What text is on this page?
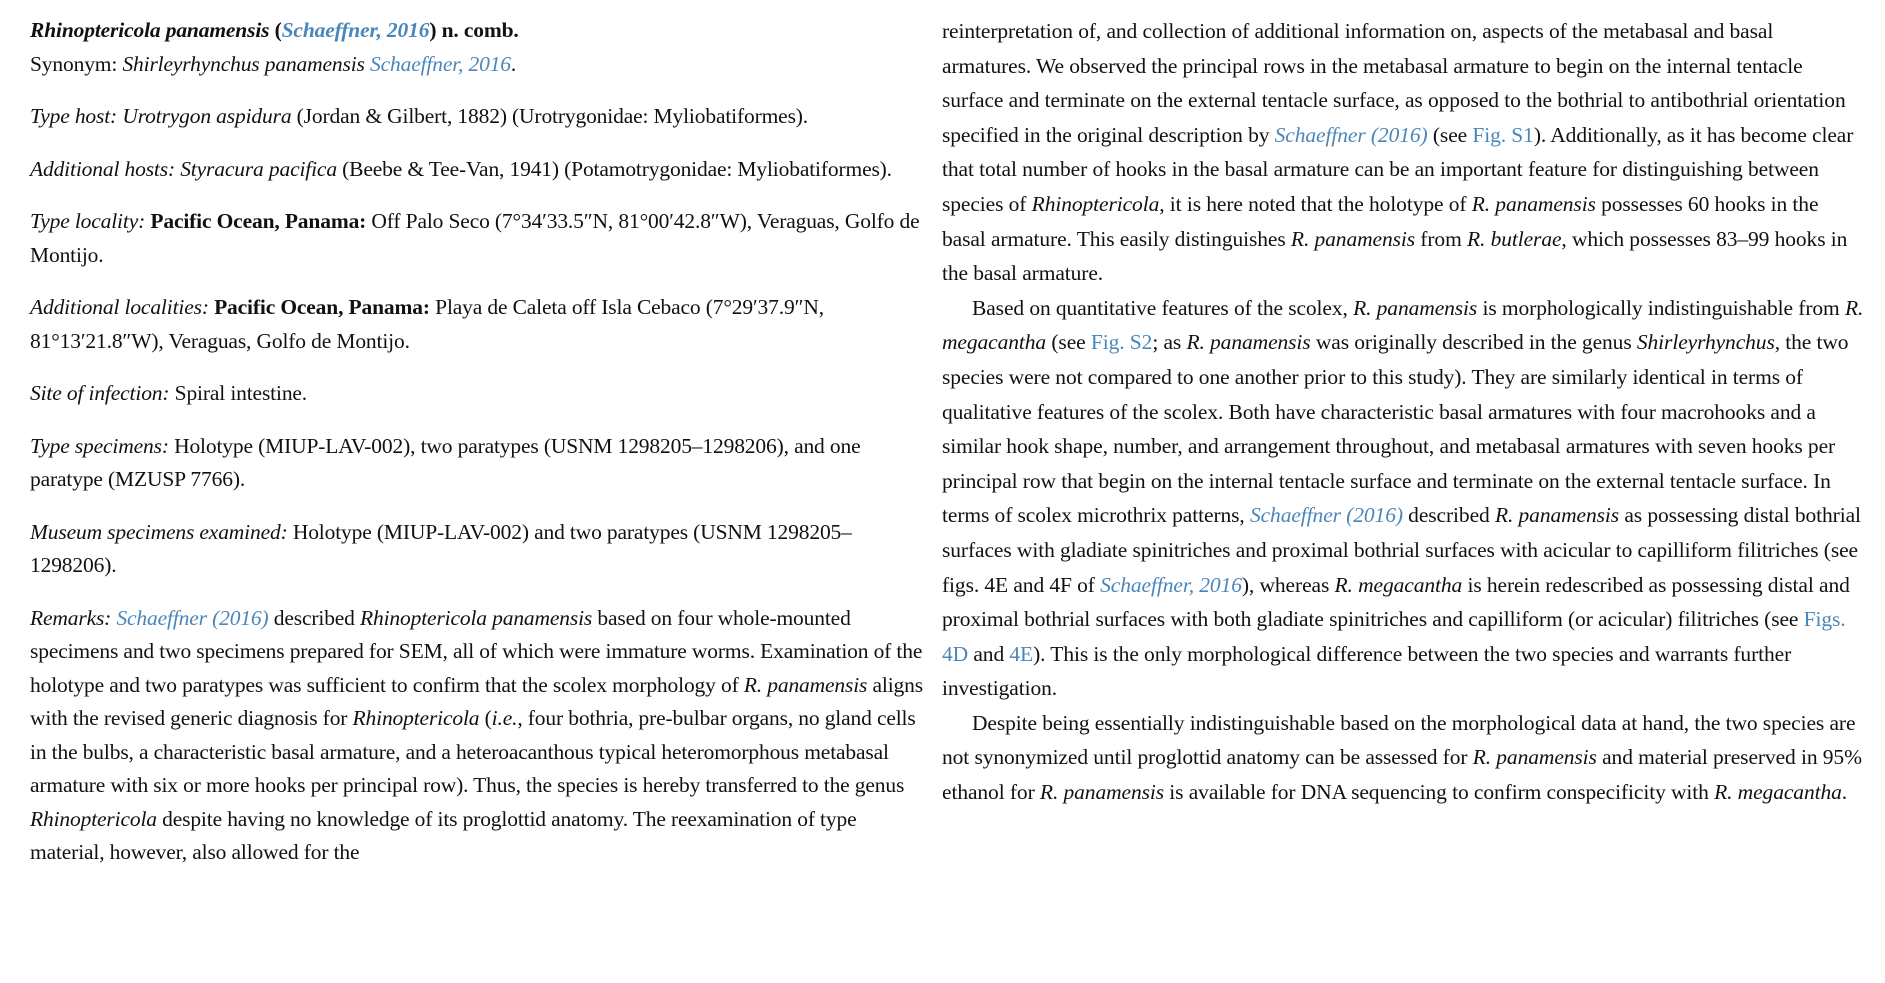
Rhinoptericola panamensis (Schaeffner, 2016) n. comb.

Synonym: Shirleyrhynchus panamensis Schaeffner, 2016.

Type host: Urotrygon aspidura (Jordan & Gilbert, 1882) (Urotrygonidae: Myliobatiformes).

Additional hosts: Styracura pacifica (Beebe & Tee-Van, 1941) (Potamotrygonidae: Myliobatiformes).

Type locality: Pacific Ocean, Panama: Off Palo Seco (7°34′33.5″N, 81°00′42.8″W), Veraguas, Golfo de Montijo.

Additional localities: Pacific Ocean, Panama: Playa de Caleta off Isla Cebaco (7°29′37.9″N, 81°13′21.8″W), Veraguas, Golfo de Montijo.

Site of infection: Spiral intestine.

Type specimens: Holotype (MIUP-LAV-002), two paratypes (USNM 1298205–1298206), and one paratype (MZUSP 7766).

Museum specimens examined: Holotype (MIUP-LAV-002) and two paratypes (USNM 1298205–1298206).

Remarks: Schaeffner (2016) described Rhinoptericola panamensis based on four whole-mounted specimens and two specimens prepared for SEM, all of which were immature worms. Examination of the holotype and two paratypes was sufficient to confirm that the scolex morphology of R. panamensis aligns with the revised generic diagnosis for Rhinoptericola (i.e., four bothria, pre-bulbar organs, no gland cells in the bulbs, a characteristic basal armature, and a heteroacanthous typical heteromorphous metabasal armature with six or more hooks per principal row). Thus, the species is hereby transferred to the genus Rhinoptericola despite having no knowledge of its proglottid anatomy. The reexamination of type material, however, also allowed for the

reinterpretation of, and collection of additional information on, aspects of the metabasal and basal armatures. We observed the principal rows in the metabasal armature to begin on the internal tentacle surface and terminate on the external tentacle surface, as opposed to the bothrial to antibothrial orientation specified in the original description by Schaeffner (2016) (see Fig. S1). Additionally, as it has become clear that total number of hooks in the basal armature can be an important feature for distinguishing between species of Rhinoptericola, it is here noted that the holotype of R. panamensis possesses 60 hooks in the basal armature. This easily distinguishes R. panamensis from R. butlerae, which possesses 83–99 hooks in the basal armature.

Based on quantitative features of the scolex, R. panamensis is morphologically indistinguishable from R. megacantha (see Fig. S2; as R. panamensis was originally described in the genus Shirleyrhynchus, the two species were not compared to one another prior to this study). They are similarly identical in terms of qualitative features of the scolex. Both have characteristic basal armatures with four macrohooks and a similar hook shape, number, and arrangement throughout, and metabasal armatures with seven hooks per principal row that begin on the internal tentacle surface and terminate on the external tentacle surface. In terms of scolex microthrix patterns, Schaeffner (2016) described R. panamensis as possessing distal bothrial surfaces with gladiate spinitriches and proximal bothrial surfaces with acicular to capilliform filitriches (see figs. 4E and 4F of Schaeffner, 2016), whereas R. megacantha is herein redescribed as possessing distal and proximal bothrial surfaces with both gladiate spinitriches and capilliform (or acicular) filitriches (see Figs. 4D and 4E). This is the only morphological difference between the two species and warrants further investigation.

Despite being essentially indistinguishable based on the morphological data at hand, the two species are not synonymized until proglottid anatomy can be assessed for R. panamensis and material preserved in 95% ethanol for R. panamensis is available for DNA sequencing to confirm conspecificity with R. megacantha.
